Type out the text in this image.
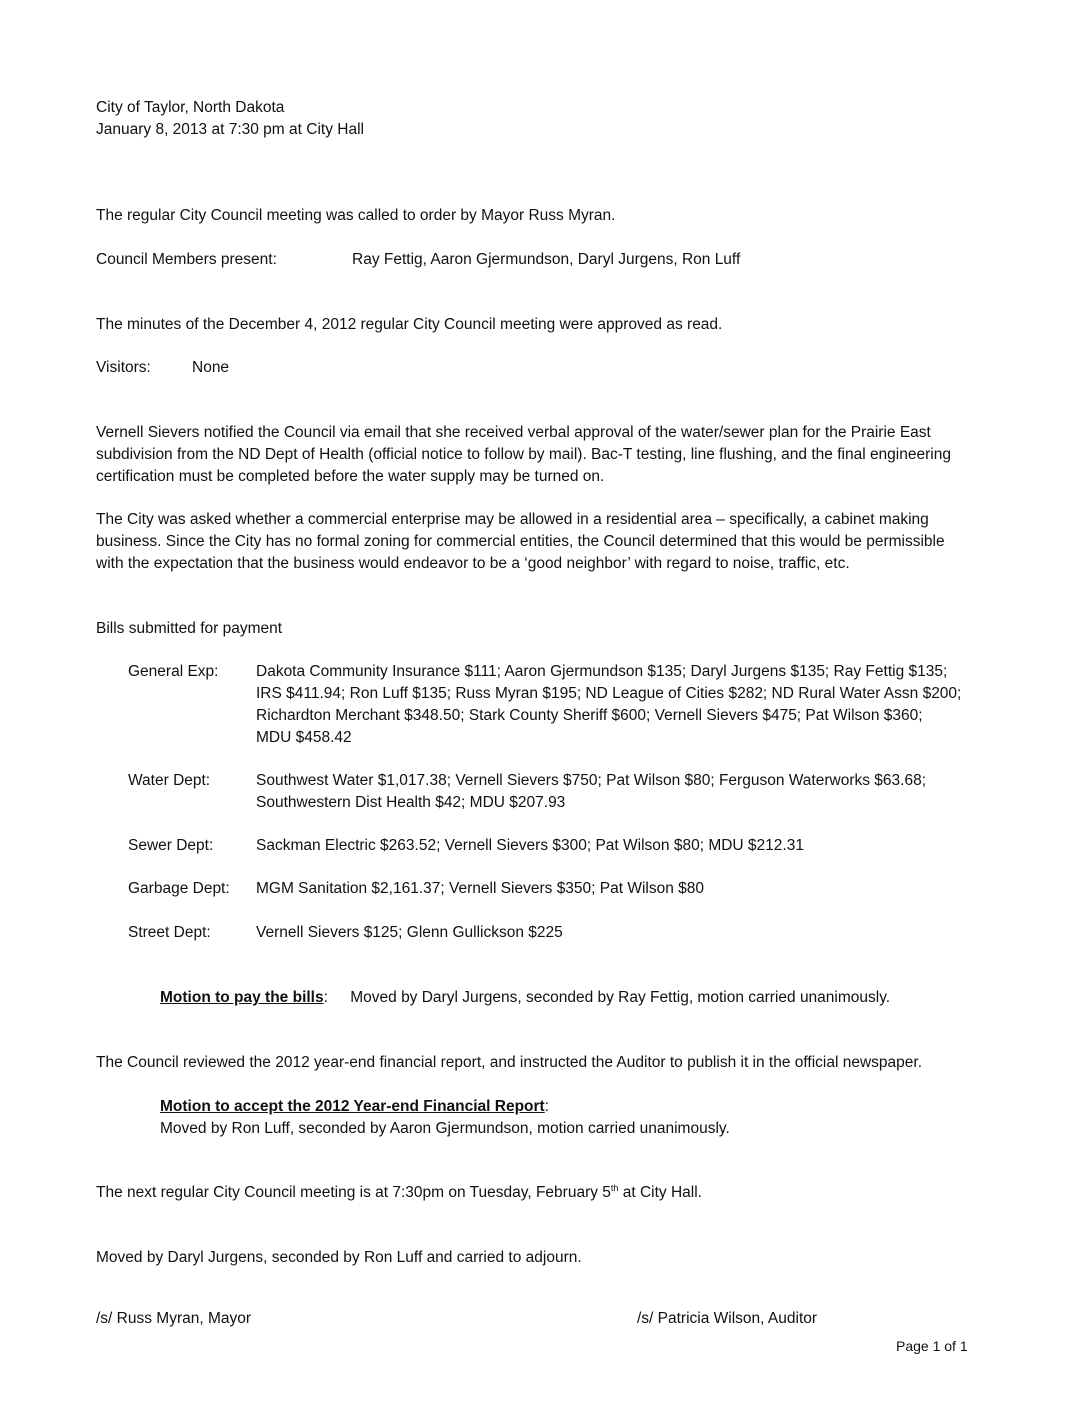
City of Taylor, North Dakota
January 8, 2013 at 7:30 pm at City Hall
The regular City Council meeting was called to order by Mayor Russ Myran.
Council Members present:	Ray Fettig, Aaron Gjermundson, Daryl Jurgens, Ron Luff
The minutes of the December 4, 2012 regular City Council meeting were approved as read.
Visitors:	None
Vernell Sievers notified the Council via email that she received verbal approval of the water/sewer plan for the Prairie East
subdivision from the ND Dept of Health (official notice to follow by mail). Bac-T testing, line flushing, and the final engineering
certification must be completed before the water supply may be turned on.
The City was asked whether a commercial enterprise may be allowed in a residential area – specifically, a cabinet making
business. Since the City has no formal zoning for commercial entities, the Council determined that this would be permissible
with the expectation that the business would endeavor to be a ‘good neighbor’ with regard to noise, traffic, etc.
Bills submitted for payment
General Exp: Dakota Community Insurance $111; Aaron Gjermundson $135; Daryl Jurgens $135; Ray Fettig $135;
IRS $411.94; Ron Luff $135; Russ Myran $195; ND League of Cities $282; ND Rural Water Assn $200;
Richardton Merchant $348.50; Stark County Sheriff $600; Vernell Sievers $475; Pat Wilson $360;
MDU $458.42
Water Dept:	Southwest Water $1,017.38; Vernell Sievers $750; Pat Wilson $80; Ferguson Waterworks $63.68;
Southwestern Dist Health $42; MDU $207.93
Sewer Dept:	Sackman Electric $263.52; Vernell Sievers $300; Pat Wilson $80; MDU $212.31
Garbage Dept: MGM Sanitation $2,161.37; Vernell Sievers $350; Pat Wilson $80
Street Dept:	Vernell Sievers $125; Glenn Gullickson $225
Motion to pay the bills: Moved by Daryl Jurgens, seconded by Ray Fettig, motion carried unanimously.
The Council reviewed the 2012 year-end financial report, and instructed the Auditor to publish it in the official newspaper.
Motion to accept the 2012 Year-end Financial Report:
Moved by Ron Luff, seconded by Aaron Gjermundson, motion carried unanimously.
The next regular City Council meeting is at 7:30pm on Tuesday, February 5th at City Hall.
Moved by Daryl Jurgens, seconded by Ron Luff and carried to adjourn.
/s/ Russ Myran, Mayor	/s/ Patricia Wilson, Auditor
Page 1 of 1
